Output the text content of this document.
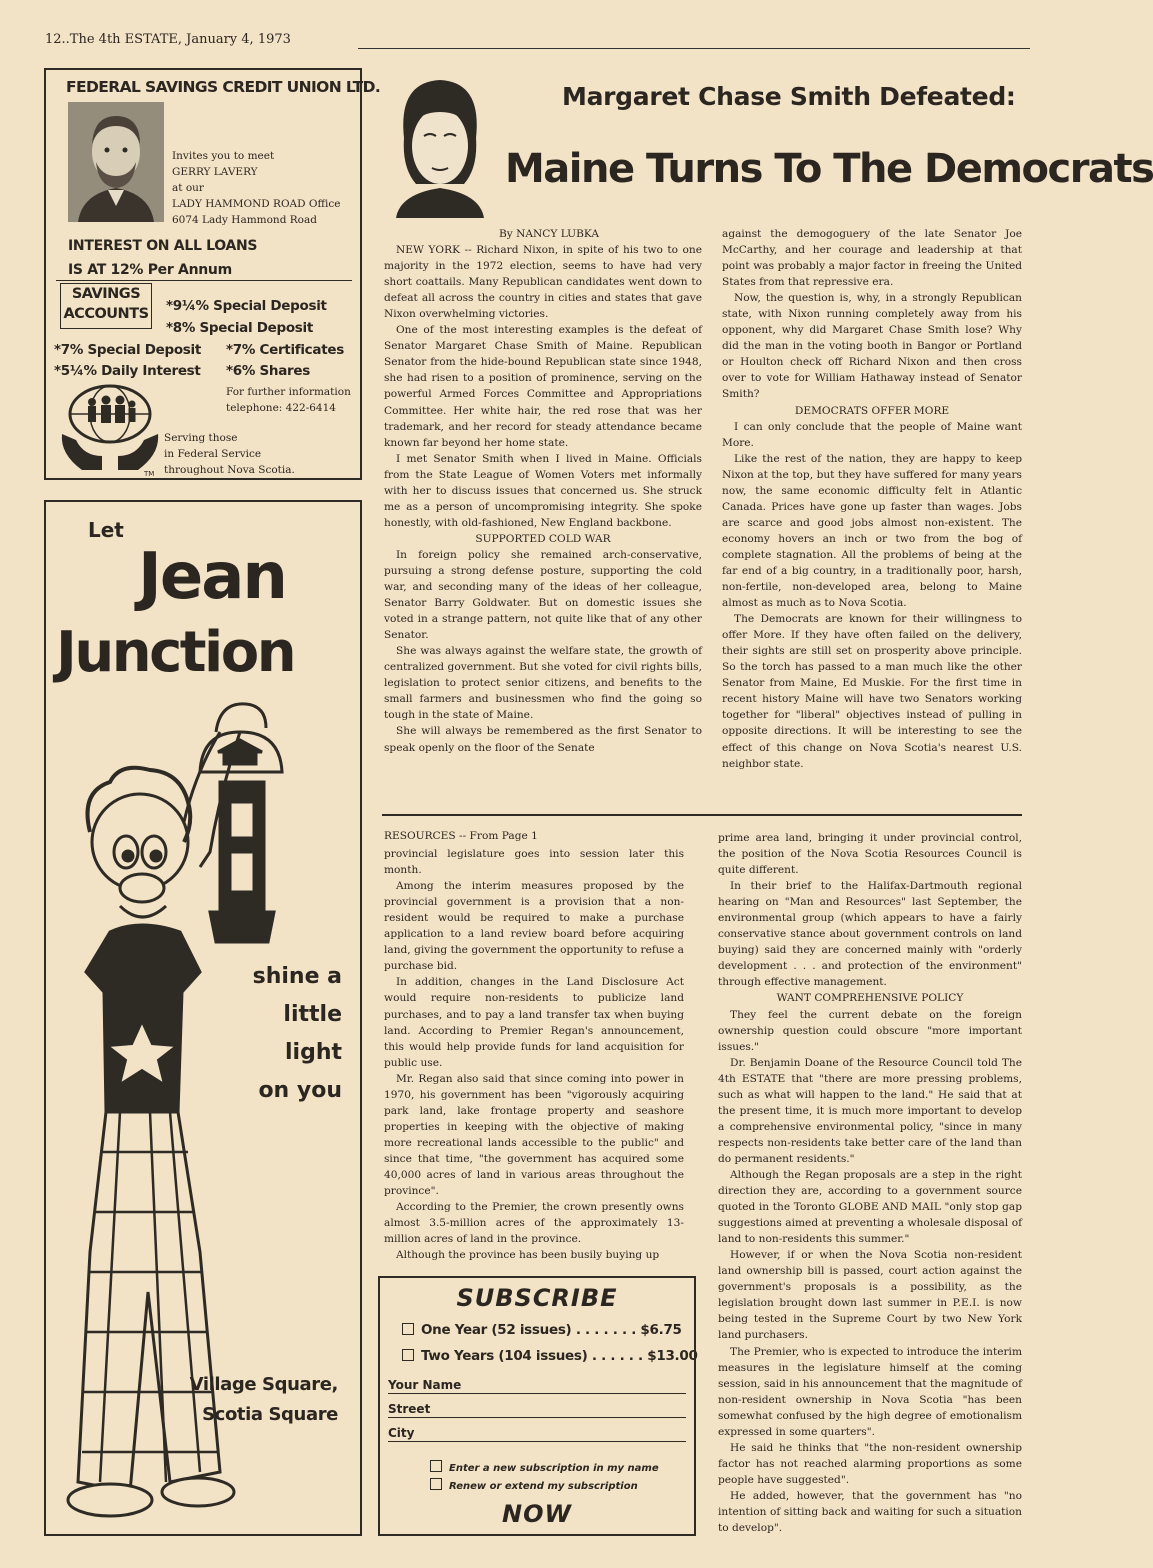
12..The 4th ESTATE, January 4, 1973
FEDERAL SAVINGS CREDIT UNION LTD.
Invites you to meet
GERRY LAVERY
at our
LADY HAMMOND ROAD Office
6074 Lady Hammond Road
INTEREST ON ALL LOANS
IS AT 12% Per Annum
SAVINGS
ACCOUNTS *9¼% Special Deposit
*8% Special Deposit
*7% Special Deposit *7% Certificates
*5¼% Daily Interest *6% Shares
For further information
telephone: 422-6414
TM
Serving those
in Federal Service
throughout Nova Scotia.
Let
Jean
Junction
shine a
little
light
on you
Village Square,
Scotia Square
Margaret Chase Smith Defeated:
Maine Turns To The Democrats

By NANCY LUBKA

NEW YORK -- Richard Nixon, in spite of his two to one majority in the 1972 election, seems to have had very short coattails. Many Republican candidates went down to defeat all across the country in cities and states that gave Nixon overwhelming victories.

One of the most interesting examples is the defeat of Senator Margaret Chase Smith of Maine. Republican Senator from the hide-bound Republican state since 1948, she had risen to a position of prominence, serving on the powerful Armed Forces Committee and Appropriations Committee. Her white hair, the red rose that was her trademark, and her record for steady attendance became known far beyond her home state.

I met Senator Smith when I lived in Maine. Officials from the State League of Women Voters met informally with her to discuss issues that concerned us. She struck me as a person of uncompromising integrity. She spoke honestly, with old-fashioned, New England backbone.

SUPPORTED COLD WAR

In foreign policy she remained arch-conservative, pursuing a strong defense posture, supporting the cold war, and seconding many of the ideas of her colleague, Senator Barry Goldwater. But on domestic issues she voted in a strange pattern, not quite like that of any other Senator.

She was always against the welfare state, the growth of centralized government. But she voted for civil rights bills, legislation to protect senior citizens, and benefits to the small farmers and businessmen who find the going so tough in the state of Maine.

She will always be remembered as the first Senator to speak openly on the floor of the Senate

against the demogoguery of the late Senator Joe McCarthy, and her courage and leadership at that point was probably a major factor in freeing the United States from that repressive era.

Now, the question is, why, in a strongly Republican state, with Nixon running completely away from his opponent, why did Margaret Chase Smith lose? Why did the man in the voting booth in Bangor or Portland or Houlton check off Richard Nixon and then cross over to vote for William Hathaway instead of Senator Smith?

DEMOCRATS OFFER MORE

I can only conclude that the people of Maine want More.

Like the rest of the nation, they are happy to keep Nixon at the top, but they have suffered for many years now, the same economic difficulty felt in Atlantic Canada. Prices have gone up faster than wages. Jobs are scarce and good jobs almost non-existent. The economy hovers an inch or two from the bog of complete stagnation. All the problems of being at the far end of a big country, in a traditionally poor, harsh, non-fertile, non-developed area, belong to Maine almost as much as to Nova Scotia.

The Democrats are known for their willingness to offer More. If they have often failed on the delivery, their sights are still set on prosperity above principle. So the torch has passed to a man much like the other Senator from Maine, Ed Muskie. For the first time in recent history Maine will have two Senators working together for "liberal" objectives instead of pulling in opposite directions. It will be interesting to see the effect of this change on Nova Scotia's nearest U.S. neighbor state.

RESOURCES -- From Page 1

provincial legislature goes into session later this month.

Among the interim measures proposed by the provincial government is a provision that a non-resident would be required to make a purchase application to a land review board before acquiring land, giving the government the opportunity to refuse a purchase bid.

In addition, changes in the Land Disclosure Act would require non-residents to publicize land purchases, and to pay a land transfer tax when buying land. According to Premier Regan's announcement, this would help provide funds for land acquisition for public use.

Mr. Regan also said that since coming into power in 1970, his government has been "vigorously acquiring park land, lake frontage property and seashore properties in keeping with the objective of making more recreational lands accessible to the public" and since that time, "the government has acquired some 40,000 acres of land in various areas throughout the province".

According to the Premier, the crown presently owns almost 3.5-million acres of the approximately 13-million acres of land in the province.

Although the province has been busily buying up

prime area land, bringing it under provincial control, the position of the Nova Scotia Resources Council is quite different.

In their brief to the Halifax-Dartmouth regional hearing on "Man and Resources" last September, the environmental group (which appears to have a fairly conservative stance about government controls on land buying) said they are concerned mainly with "orderly development . . . and protection of the environment" through effective management.

WANT COMPREHENSIVE POLICY

They feel the current debate on the foreign ownership question could obscure "more important issues."

Dr. Benjamin Doane of the Resource Council told The 4th ESTATE that "there are more pressing problems, such as what will happen to the land." He said that at the present time, it is much more important to develop a comprehensive environmental policy, "since in many respects non-residents take better care of the land than do permanent residents."

Although the Regan proposals are a step in the right direction they are, according to a government source quoted in the Toronto GLOBE AND MAIL "only stop gap suggestions aimed at preventing a wholesale disposal of land to non-residents this summer."

However, if or when the Nova Scotia non-resident land ownership bill is passed, court action against the government's proposals is a possibility, as the legislation brought down last summer in P.E.I. is now being tested in the Supreme Court by two New York land purchasers.

The Premier, who is expected to introduce the interim measures in the legislature himself at the coming session, said in his announcement that the magnitude of non-resident ownership in Nova Scotia "has been somewhat confused by the high degree of emotionalism expressed in some quarters".

He said he thinks that "the non-resident ownership factor has not reached alarming proportions as some people have suggested".

He added, however, that the government has "no intention of sitting back and waiting for such a situation to develop".

SUBSCRIBE
One Year (52 issues) . . . . . . . $6.75
Two Years (104 issues) . . . . . . $13.00
Your Name
Street
City
Enter a new subscription in my name
Renew or extend my subscription
NOW
